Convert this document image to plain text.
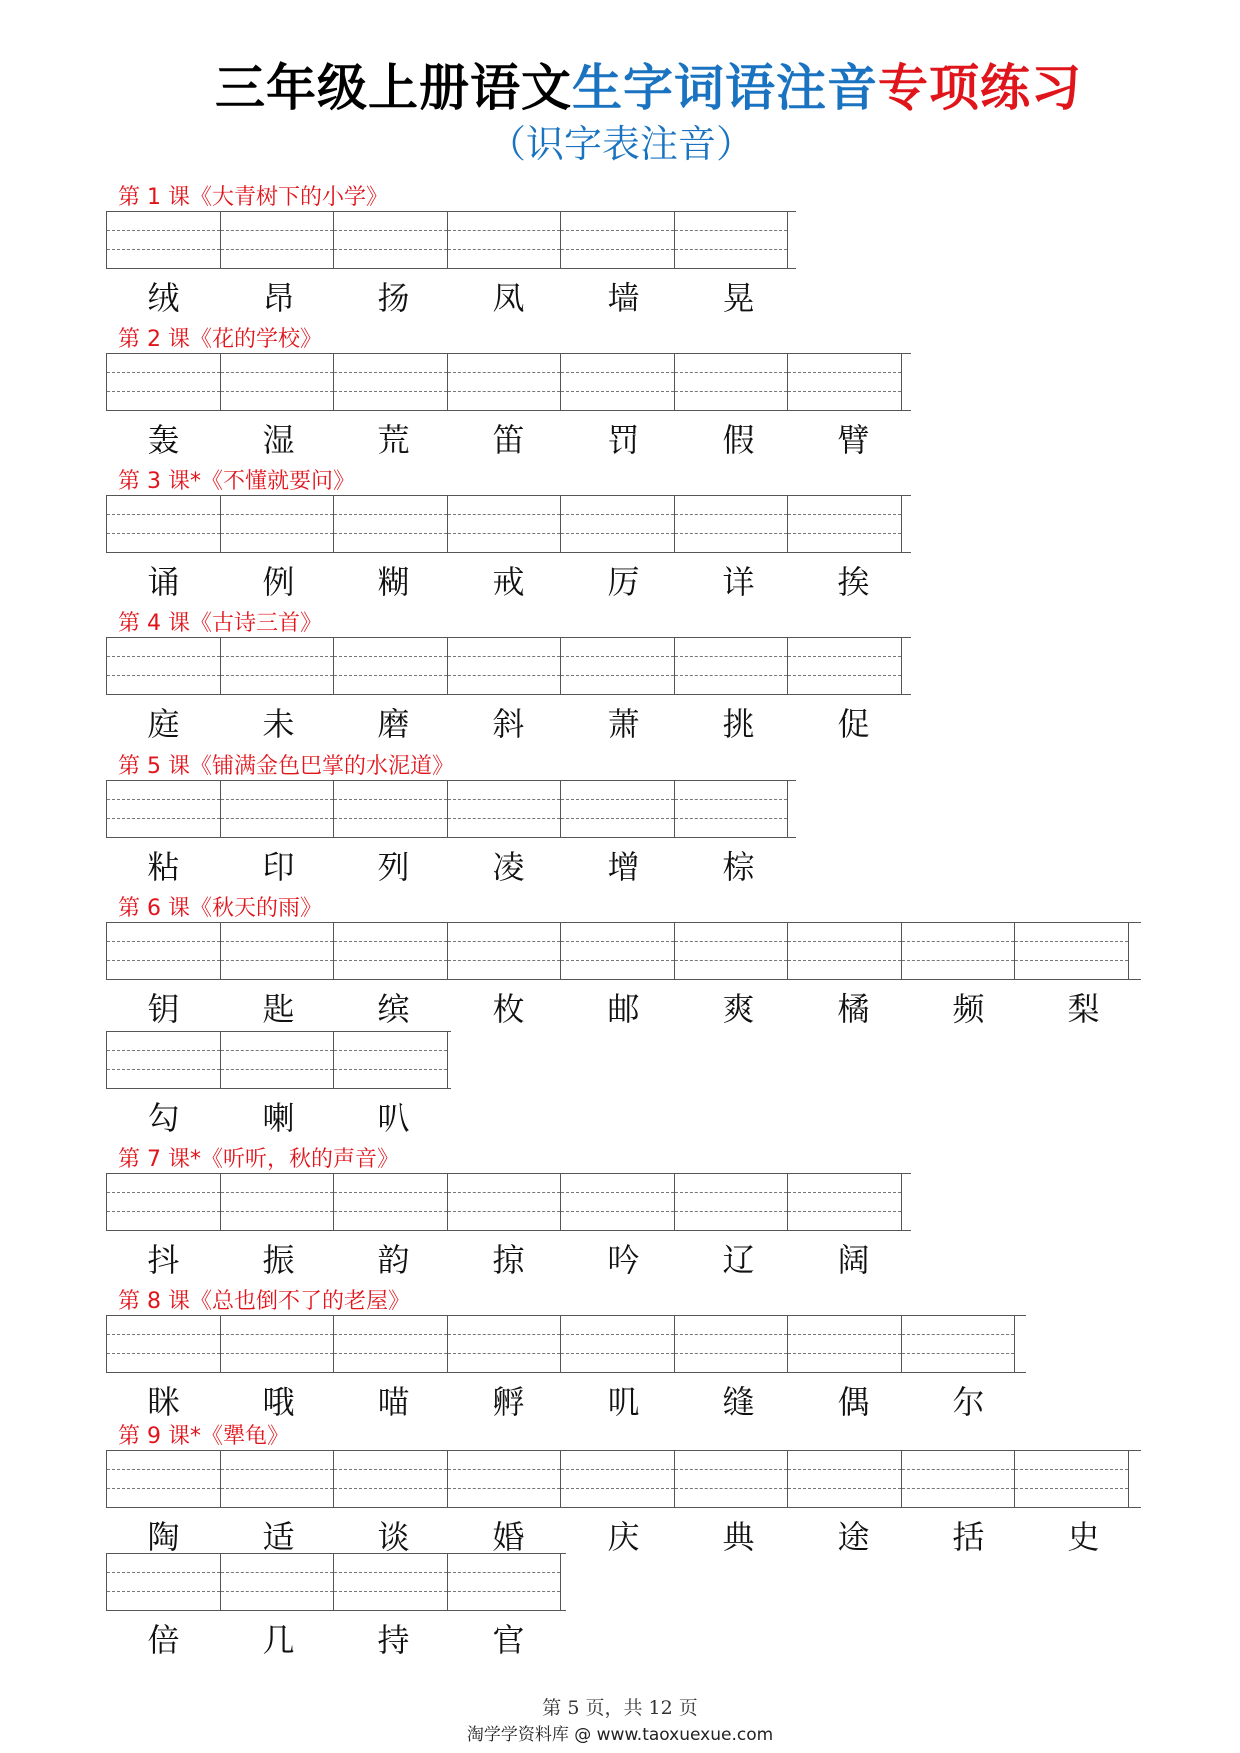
三年级上册语文生字词语注音专项练习
（识字表注音）
第 1 课《大青树下的小学》
绒	昂	扬	凤	墙	晃
第 2 课《花的学校》
轰	湿	荒	笛	罚	假	臂
第 3 课*《不懂就要问》
诵	例	糊	戒	厉	详	挨
第 4 课《古诗三首》
庭	未	磨	斜	萧	挑	促
第 5 课《铺满金色巴掌的水泥道》
粘	印	列	凌	增	棕
第 6 课《秋天的雨》
钥	匙	缤	枚	邮	爽	橘	频	梨
勾	喇	叭
第 7 课*《听听，秋的声音》
抖	振	韵	掠	吟	辽	阔
第 8 课《总也倒不了的老屋》
眯	哦	喵	孵	叽	缝	偶	尔
第 9 课*《犟龟》
陶	适	谈	婚	庆	典	途	括	史
倍	几	持	官
第 5 页，共 12 页
淘学学资料库 @ www.taoxuexue.com
